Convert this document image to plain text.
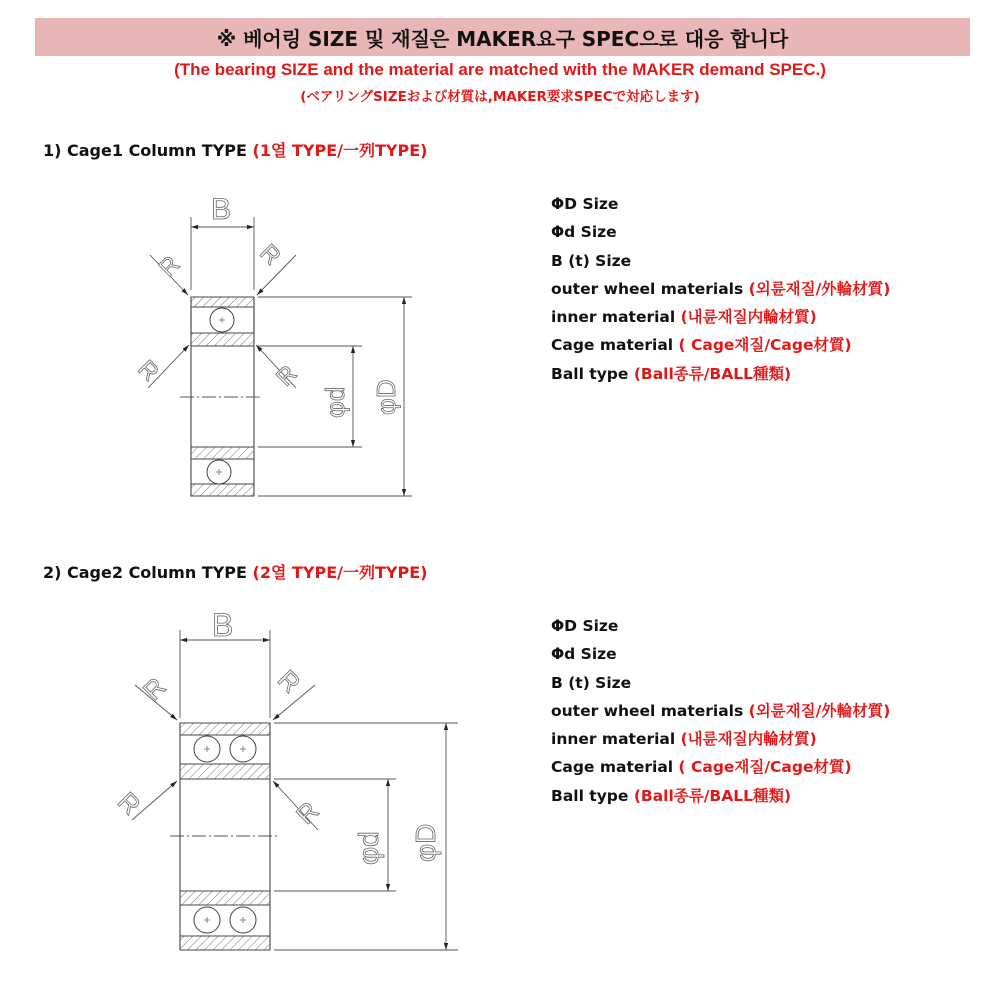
※ 베어링 SIZE 및 재질은 MAKER요구 SPEC으로 대응 합니다
(The bearing SIZE and the material are matched with the MAKER demand SPEC.)
(ベアリングSIZEおよび材質は,MAKER要求SPECで対応します)
1) Cage1 Column TYPE (1열 TYPE/一列TYPE)
ΦD Size
Φd Size
B (t) Size
outer wheel materials (외륜재질/外輪材質)
inner material (내륜재질内輪材質)
Cage material ( Cage재질/Cage材質)
Ball type (Ball종류/BALL種類)
2) Cage2 Column TYPE (2열 TYPE/一列TYPE)
ΦD Size
Φd Size
B (t) Size
outer wheel materials (외륜재질/外輪材質)
inner material (내륜재질内輪材質)
Cage material ( Cage재질/Cage材質)
Ball type (Ball종류/BALL種類)
B
R	R
R	R
φd φD
B
R	R
R	R
φd φD
